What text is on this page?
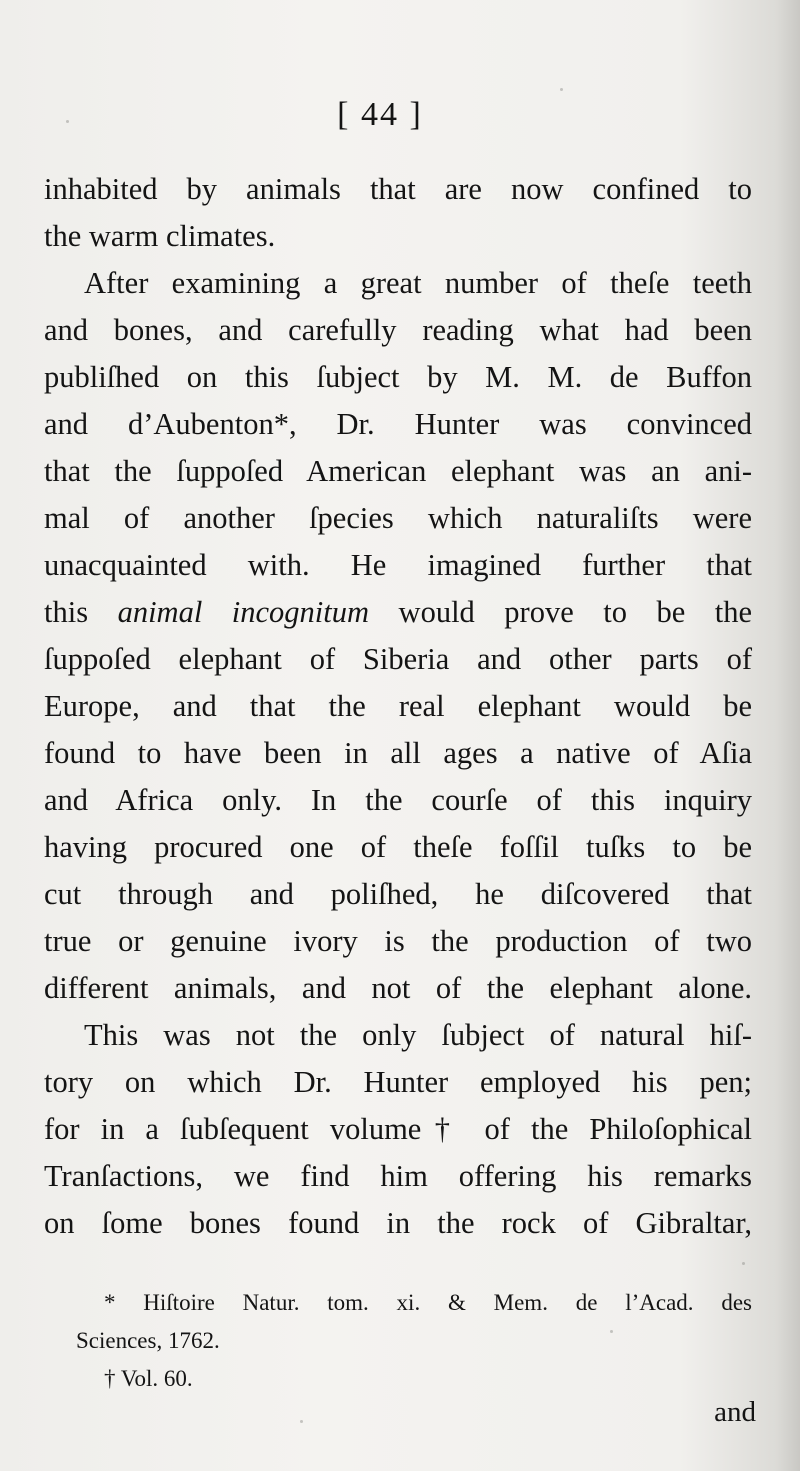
[ 44 ]
inhabited by animals that are now confined to
the warm climates.
After examining a great number of theſe teeth
and bones, and carefully reading what had been
publiſhed on this ſubject by M. M. de Buffon
and d’Aubenton*, Dr. Hunter was convinced
that the ſuppoſed American elephant was an ani-
mal of another ſpecies which naturaliſts were
unacquainted with. He imagined further that
this animal incognitum would prove to be the
ſuppoſed elephant of Siberia and other parts of
Europe, and that the real elephant would be
found to have been in all ages a native of Aſia
and Africa only. In the courſe of this inquiry
having procured one of theſe foſſil tuſks to be
cut through and poliſhed, he diſcovered that
true or genuine ivory is the production of two
different animals, and not of the elephant alone.
This was not the only ſubject of natural hiſ-
tory on which Dr. Hunter employed his pen;
for in a ſubſequent volume† of the Philoſophical
Tranſactions, we find him offering his remarks
on ſome bones found in the rock of Gibraltar,
* Hiſtoire Natur. tom. xi. & Mem. de l’Acad. des
Sciences, 1762.
† Vol. 60.
and
